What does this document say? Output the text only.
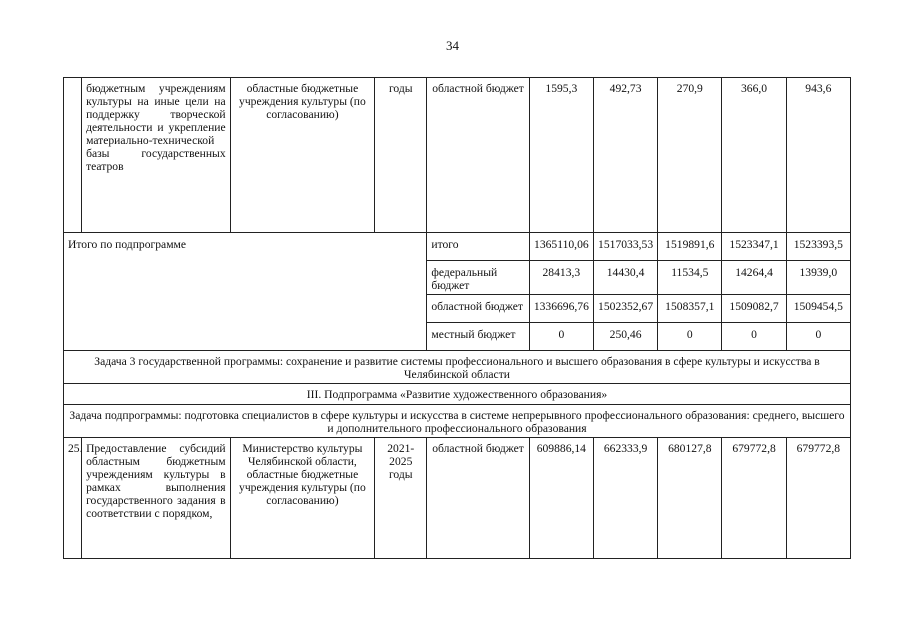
34
	бюджетным учреждениям культуры на иные цели на поддержку творческой деятельности и укрепление материально-технической базы государственных театров	областные бюджетные учреждения культуры (по согласованию)	годы	областной бюджет	1595,3	492,73	270,9	366,0	943,6
Итого по подпрограмме				итого	1365110,06	1517033,53	1519891,6	1523347,1	1523393,5
				федеральный бюджет	28413,3	14430,4	11534,5	14264,4	13939,0
				областной бюджет	1336696,76	1502352,67	1508357,1	1509082,7	1509454,5
				местный бюджет	0	250,46	0	0	0
Задача 3 государственной программы: сохранение и развитие системы профессионального и высшего образования в сфере культуры и искусства в Челябинской области									
III. Подпрограмма «Развитие художественного образования»									
Задача подпрограммы: подготовка специалистов в сфере культуры и искусства в системе непрерывного профессионального образования: среднего, высшего и дополнительного профессионального образования									
25.	Предоставление субсидий областным бюджетным учреждениям культуры в рамках выполнения государственного задания в соответствии с порядком,	Министерство культуры Челябинской области, областные бюджетные учреждения культуры (по согласованию)	2021-2025 годы	областной бюджет	609886,14	662333,9	680127,8	679772,8	679772,8
